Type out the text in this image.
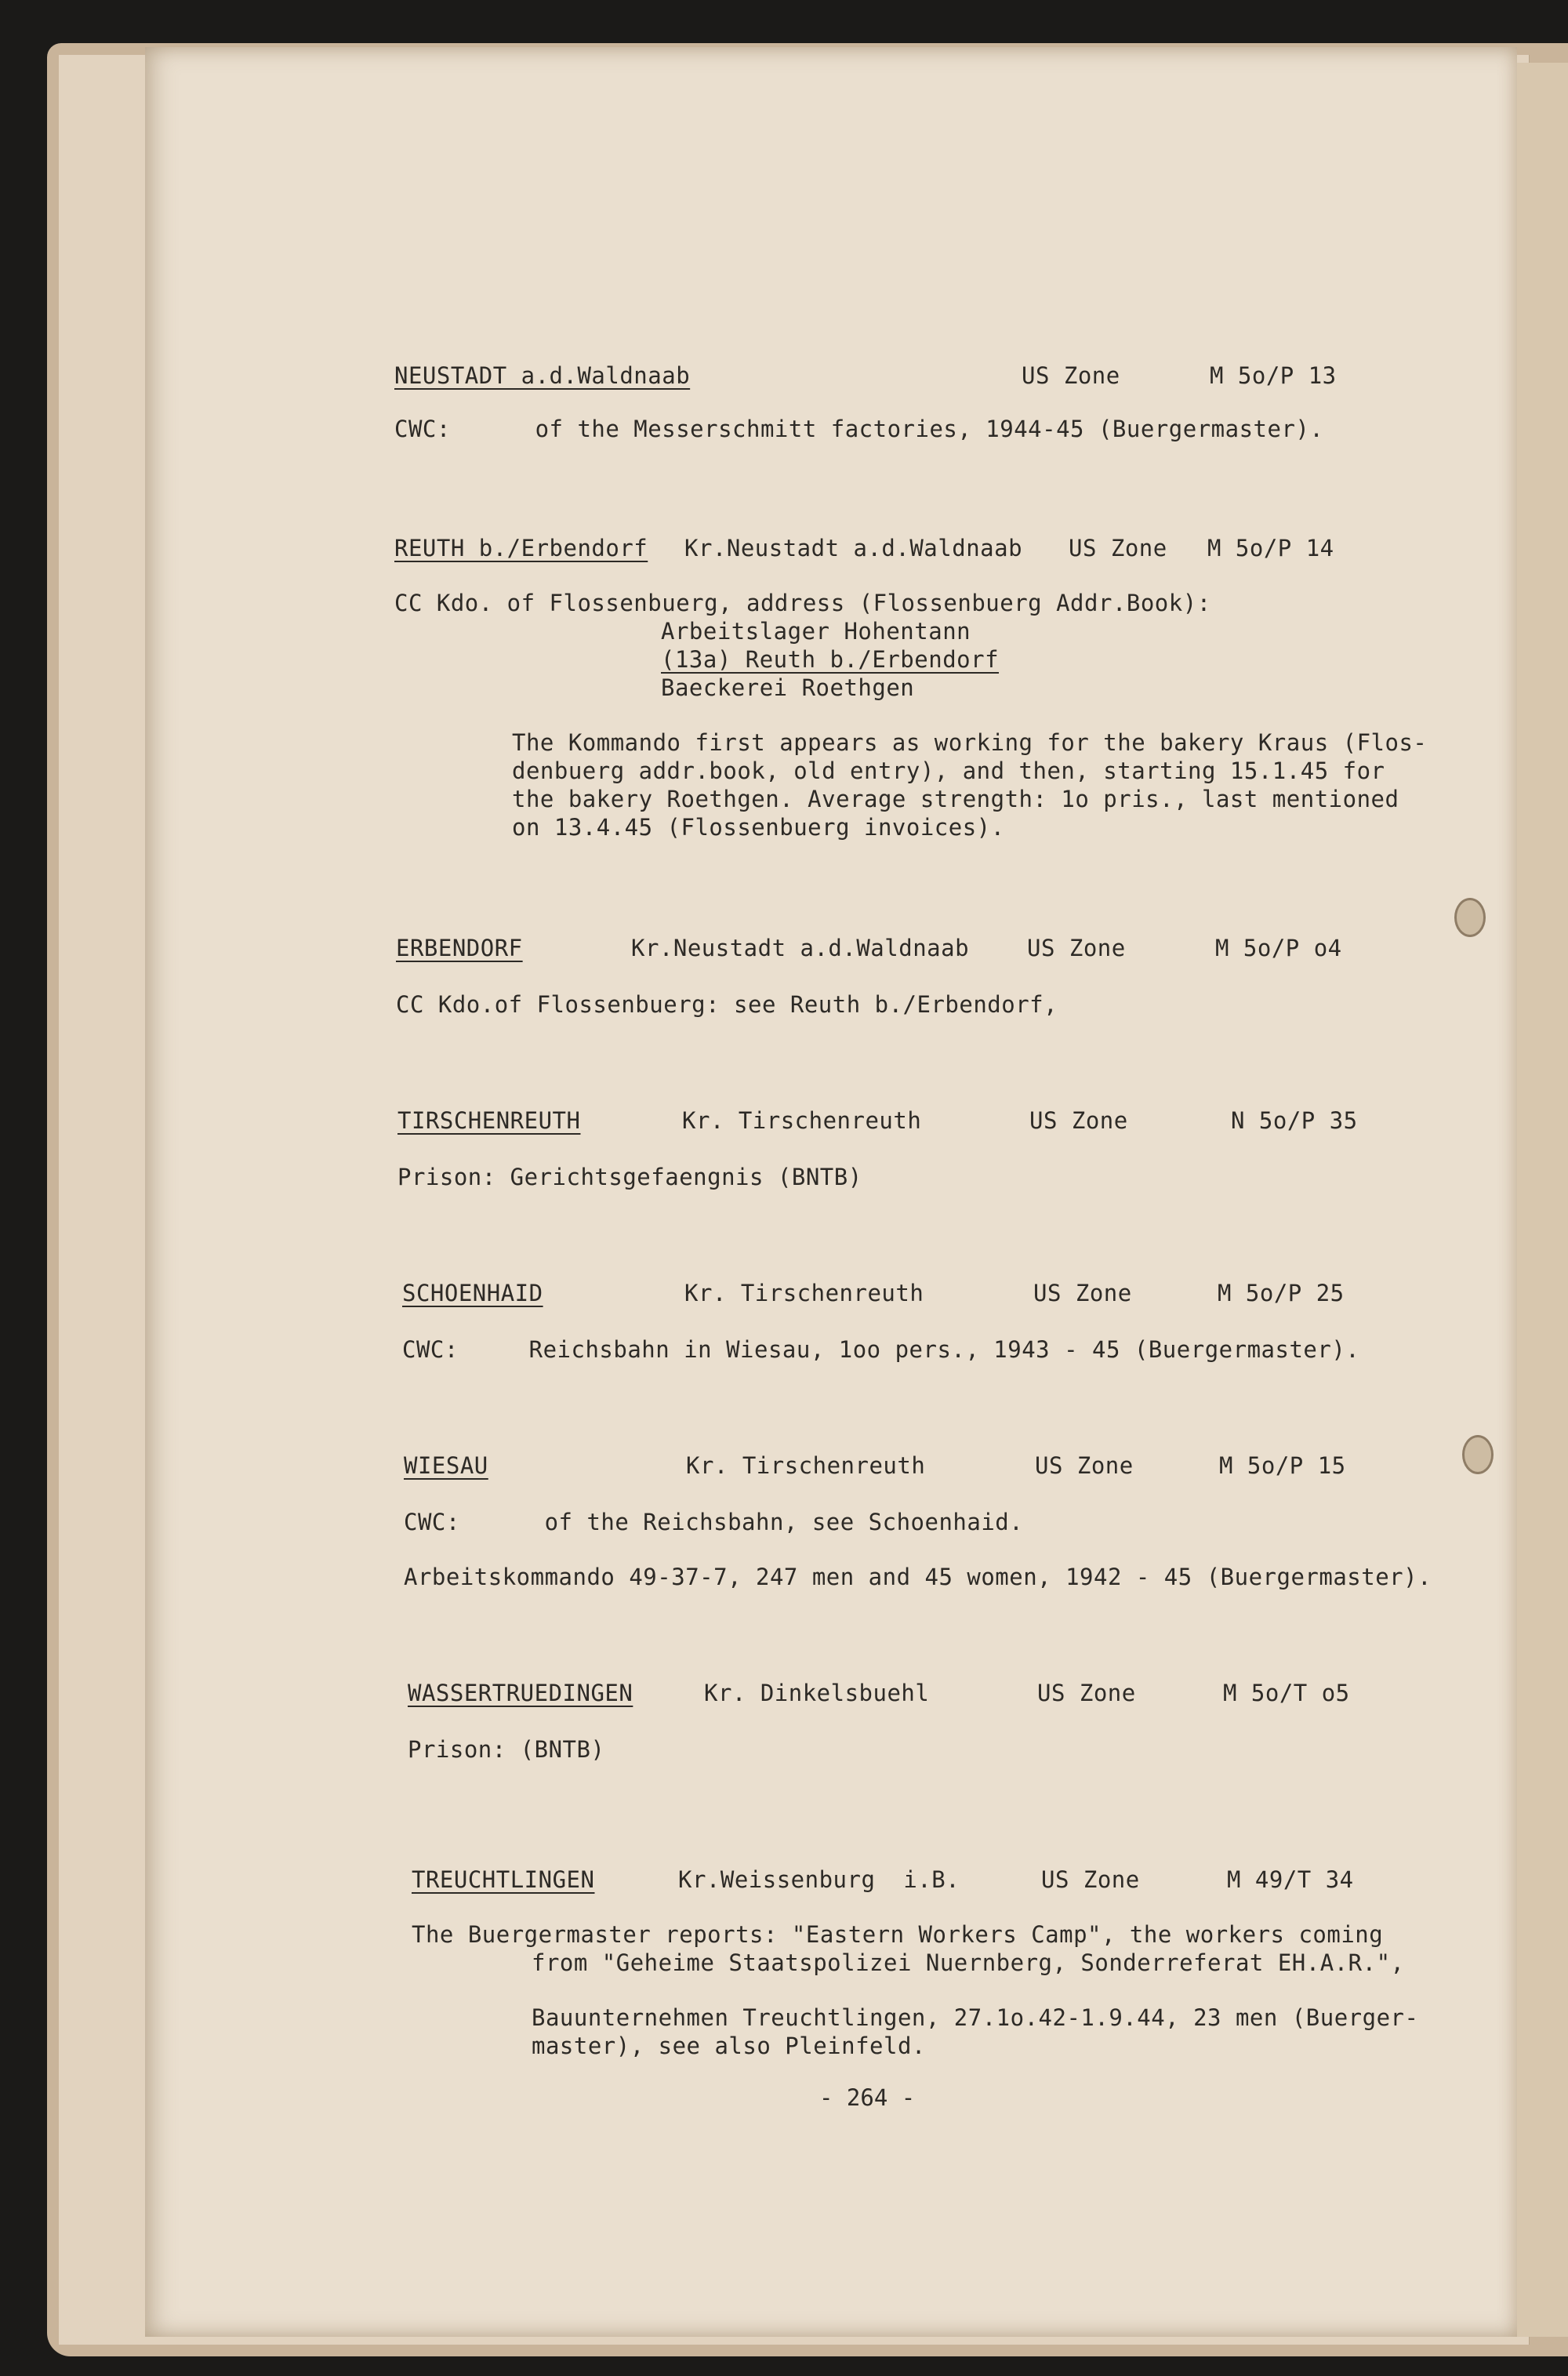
NEUSTADT a.d.Waldnaab	US Zone	M 5o/P 13
CWC:      of the Messerschmitt factories, 1944-45 (Buergermaster).
REUTH b./Erbendorf Kr.Neustadt a.d.Waldnaab US Zone M 5o/P 14
CC Kdo. of Flossenbuerg, address (Flossenbuerg Addr.Book):
Arbeitslager Hohentann
(13a) Reuth b./Erbendorf
Baeckerei Roethgen
The Kommando first appears as working for the bakery Kraus (Flos-
denbuerg addr.book, old entry), and then, starting 15.1.45 for
the bakery Roethgen. Average strength: 1o pris., last mentioned
on 13.4.45 (Flossenbuerg invoices).
ERBENDORF	Kr.Neustadt a.d.Waldnaab	US Zone	M 5o/P o4
CC Kdo.of Flossenbuerg: see Reuth b./Erbendorf,
TIRSCHENREUTH	Kr. Tirschenreuth	US Zone	N 5o/P 35
Prison: Gerichtsgefaengnis (BNTB)
SCHOENHAID	Kr. Tirschenreuth	US Zone	M 5o/P 25
CWC:     Reichsbahn in Wiesau, 1oo pers., 1943 - 45 (Buergermaster).
WIESAU	Kr. Tirschenreuth	US Zone	M 5o/P 15
CWC:      of the Reichsbahn, see Schoenhaid.
Arbeitskommando 49-37-7, 247 men and 45 women, 1942 - 45 (Buergermaster).
WASSERTRUEDINGEN	Kr. Dinkelsbuehl	US Zone	M 5o/T o5
Prison: (BNTB)
TREUCHTLINGEN	Kr.Weissenburg  i.B.	US Zone	M 49/T 34
The Buergermaster reports: "Eastern Workers Camp", the workers coming
from "Geheime Staatspolizei Nuernberg, Sonderreferat EH.A.R.",
Bauunternehmen Treuchtlingen, 27.1o.42-1.9.44, 23 men (Buerger-
master), see also Pleinfeld.
- 264 -
